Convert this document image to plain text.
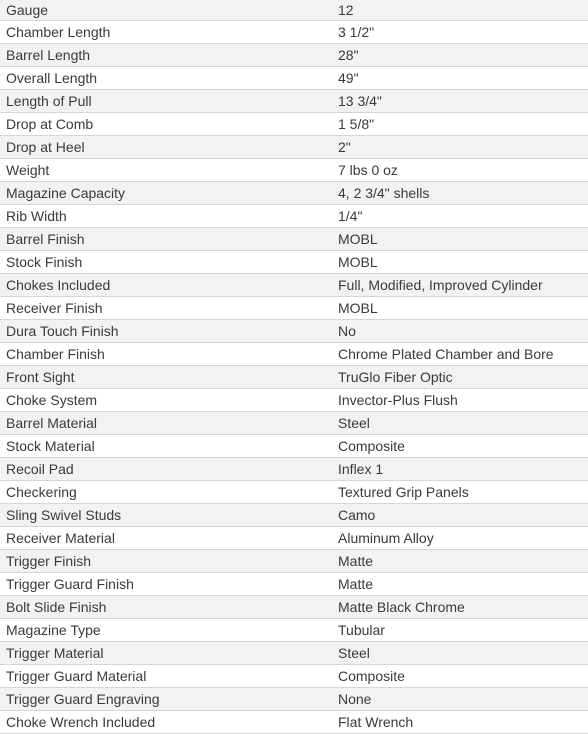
Gauge	12
Chamber Length	3 1/2"
Barrel Length	28"
Overall Length	49"
Length of Pull	13 3/4"
Drop at Comb	1 5/8"
Drop at Heel	2"
Weight	7 lbs 0 oz
Magazine Capacity	4, 2 3/4" shells
Rib Width	1/4"
Barrel Finish	MOBL
Stock Finish	MOBL
Chokes Included	Full, Modified, Improved Cylinder
Receiver Finish	MOBL
Dura Touch Finish	No
Chamber Finish	Chrome Plated Chamber and Bore
Front Sight	TruGlo Fiber Optic
Choke System	Invector-Plus Flush
Barrel Material	Steel
Stock Material	Composite
Recoil Pad	Inflex 1
Checkering	Textured Grip Panels
Sling Swivel Studs	Camo
Receiver Material	Aluminum Alloy
Trigger Finish	Matte
Trigger Guard Finish	Matte
Bolt Slide Finish	Matte Black Chrome
Magazine Type	Tubular
Trigger Material	Steel
Trigger Guard Material	Composite
Trigger Guard Engraving	None
Choke Wrench Included	Flat Wrench
